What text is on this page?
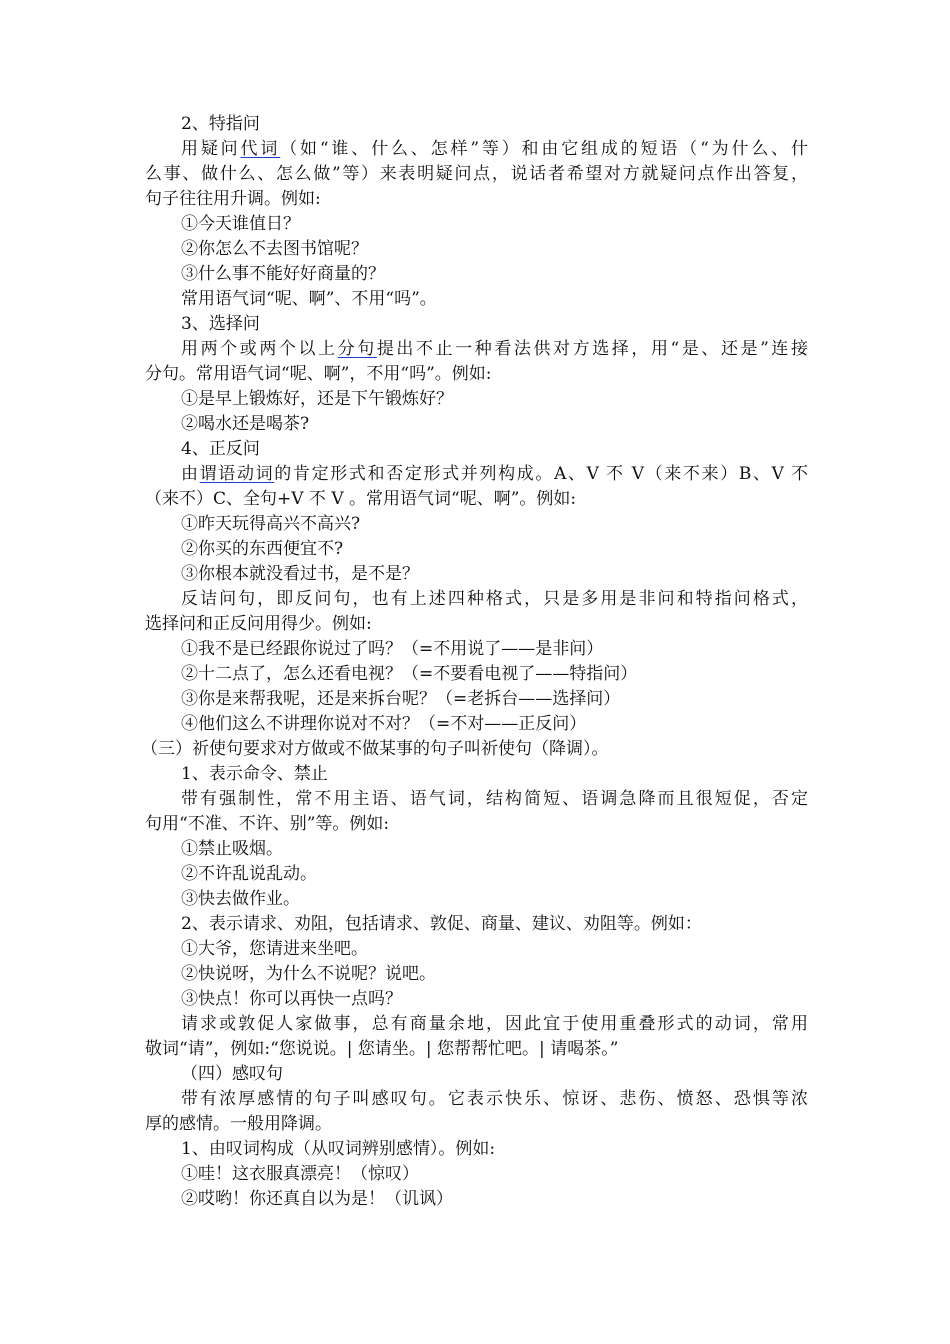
2、特指问
用疑问代词（如“谁、什么、怎样”等）和由它组成的短语（“为什么、什
么事、做什么、怎么做”等）来表明疑问点，说话者希望对方就疑问点作出答复，
句子往往用升调。例如:
①今天谁值日？
②你怎么不去图书馆呢？
③什么事不能好好商量的？
常用语气词“呢、啊”、不用“吗”。
3、选择问
用两个或两个以上分句提出不止一种看法供对方选择，用“是、还是”连接
分句。常用语气词“呢、啊”，不用“吗”。例如:
①是早上锻炼好，还是下午锻炼好？
②喝水还是喝茶?
4、正反问
由谓语动词的肯定形式和否定形式并列构成。A、V 不 V（来不来）B、V 不
（来不）C、全句+V 不 V 。常用语气词“呢、啊”。例如:
①昨天玩得高兴不高兴?
②你买的东西便宜不?
③你根本就没看过书，是不是？
反诘问句，即反问句，也有上述四种格式，只是多用是非问和特指问格式，
选择问和正反问用得少。例如:
①我不是已经跟你说过了吗？（=不用说了——是非问）
②十二点了，怎么还看电视？（=不要看电视了——特指问）
③你是来帮我呢，还是来拆台呢？（=老拆台——选择问）
④他们这么不讲理你说对不对？（=不对——正反问）
（三）祈使句要求对方做或不做某事的句子叫祈使句（降调）。
1、表示命令、禁止
带有强制性，常不用主语、语气词，结构简短、语调急降而且很短促，否定
句用“不准、不许、别”等。例如:
①禁止吸烟。
②不许乱说乱动。
③快去做作业。
2、表示请求、劝阻，包括请求、敦促、商量、建议、劝阻等。例如：
①大爷，您请进来坐吧。
②快说呀，为什么不说呢？说吧。
③快点！你可以再快一点吗？
请求或敦促人家做事，总有商量余地，因此宜于使用重叠形式的动词，常用
敬词“请”，例如:“您说说。| 您请坐。| 您帮帮忙吧。| 请喝茶。”
（四）感叹句
带有浓厚感情的句子叫感叹句。它表示快乐、惊讶、悲伤、愤怒、恐惧等浓
厚的感情。一般用降调。
1、由叹词构成（从叹词辨别感情）。例如:
①哇！这衣服真漂亮！（惊叹）
②哎哟！你还真自以为是！（讥讽）
